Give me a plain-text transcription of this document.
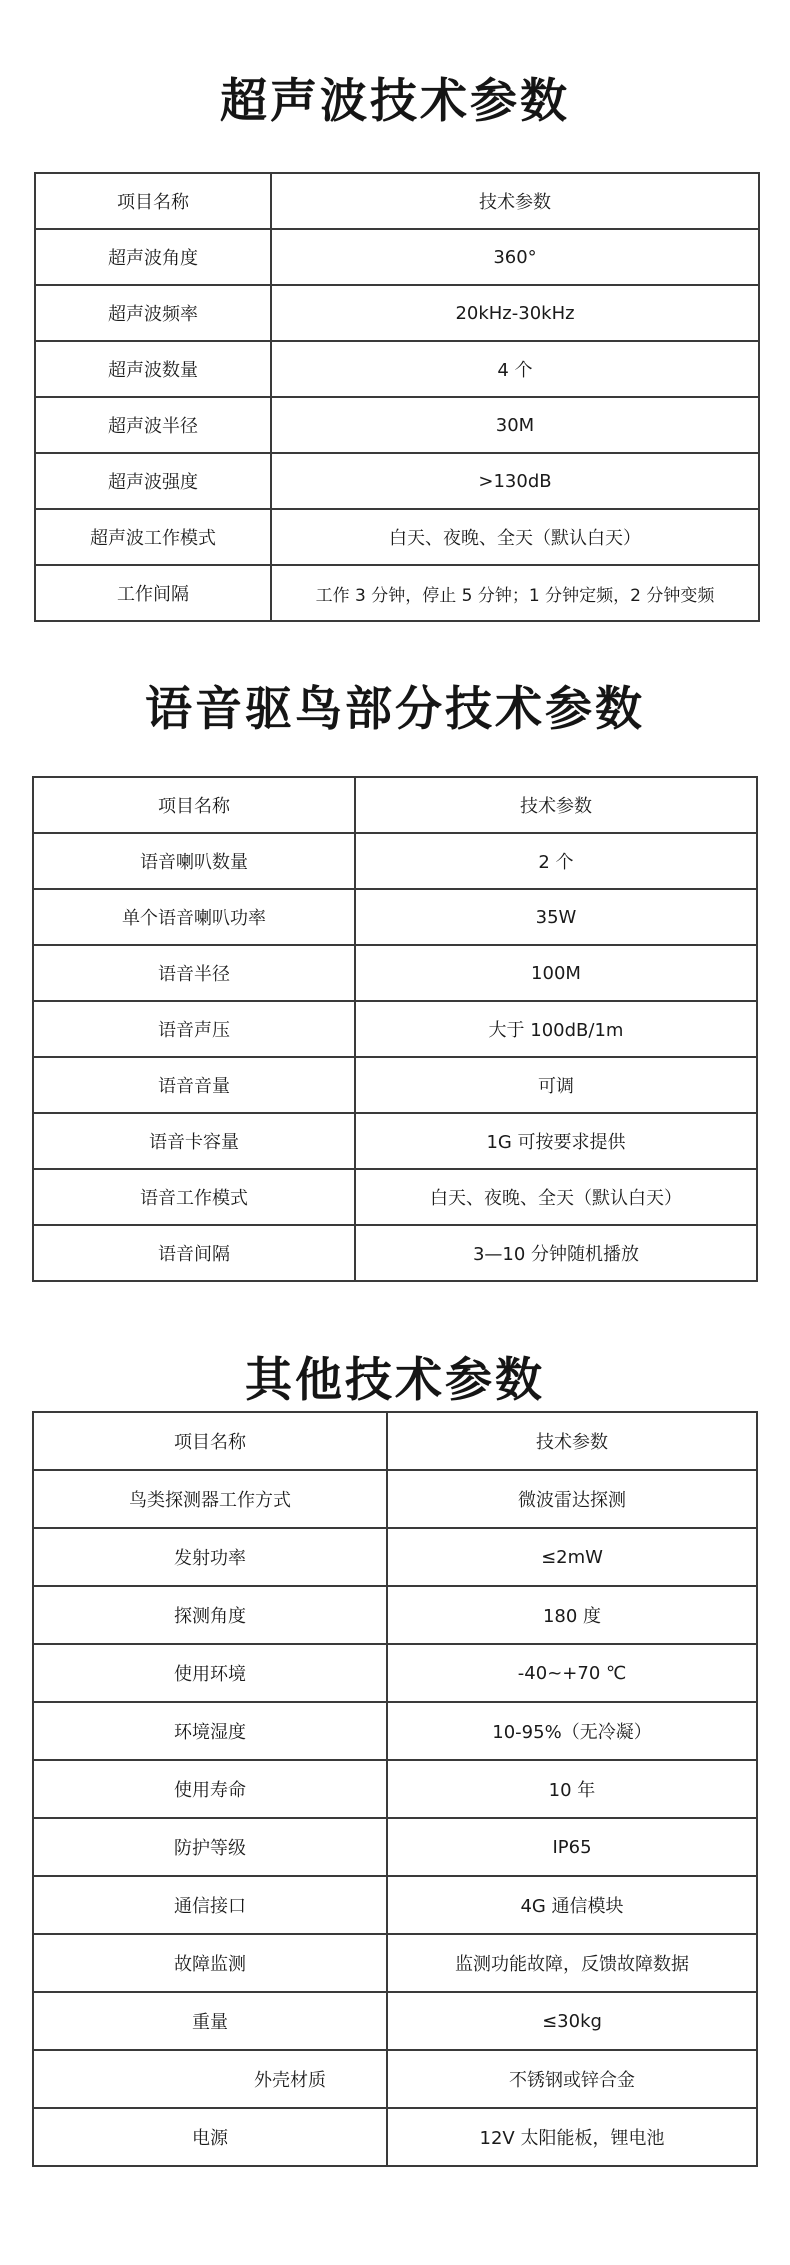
超声波技术参数
项目名称	技术参数
超声波角度	360°
超声波频率	20kHz-30kHz
超声波数量	4 个
超声波半径	30M
超声波强度	>130dB
超声波工作模式	白天、夜晚、全天（默认白天）
工作间隔	工作 3 分钟，停止 5 分钟；1 分钟定频，2 分钟变频
语音驱鸟部分技术参数
项目名称	技术参数
语音喇叭数量	2 个
单个语音喇叭功率	35W
语音半径	100M
语音声压	大于 100dB/1m
语音音量	可调
语音卡容量	1G 可按要求提供
语音工作模式	白天、夜晚、全天（默认白天）
语音间隔	3—10 分钟随机播放
其他技术参数
项目名称	技术参数
鸟类探测器工作方式	微波雷达探测
发射功率	≤2mW
探测角度	180 度
使用环境	-40~+70 ℃
环境湿度	10-95%（无冷凝）
使用寿命	10 年
防护等级	IP65
通信接口	4G 通信模块
故障监测	监测功能故障，反馈故障数据
重量	≤30kg
外壳材质	不锈钢或锌合金
电源	12V 太阳能板，锂电池
